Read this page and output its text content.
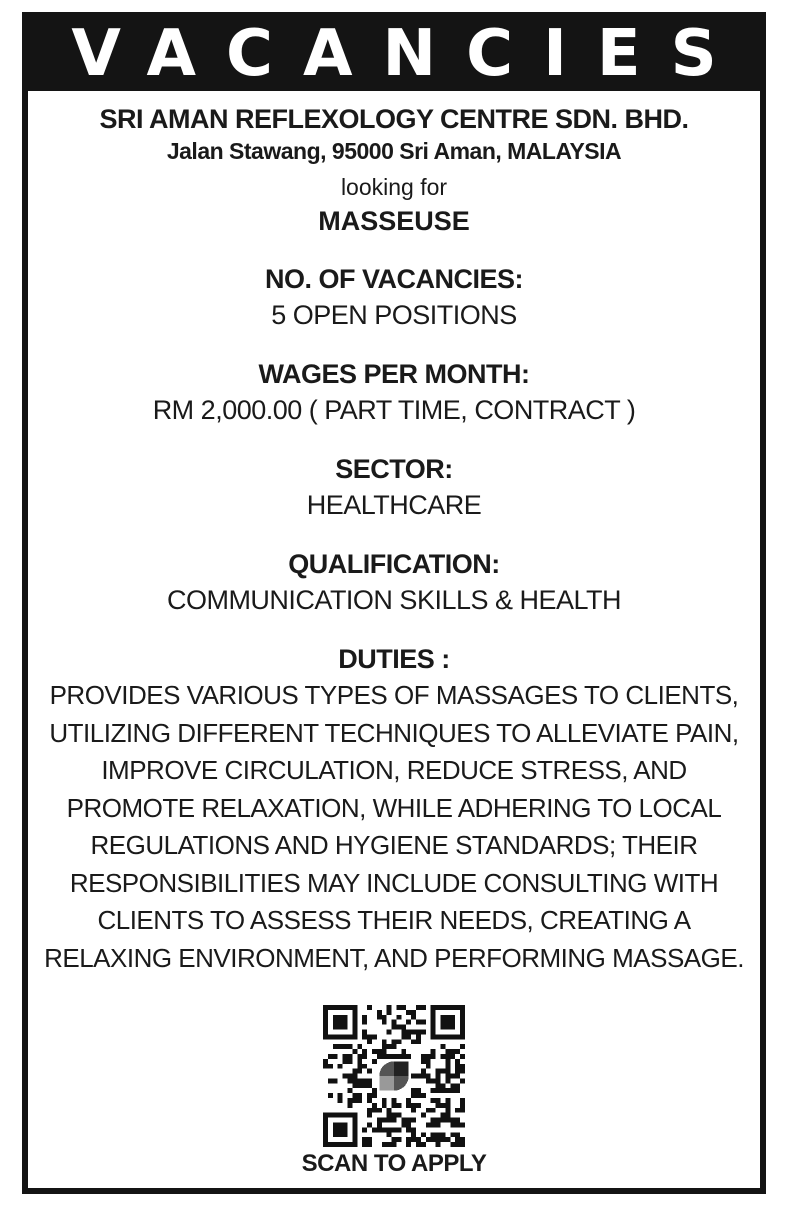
VACANCIES
SRI AMAN REFLEXOLOGY CENTRE SDN. BHD.
Jalan Stawang, 95000 Sri Aman, MALAYSIA
looking for
MASSEUSE
NO. OF VACANCIES:
5 OPEN POSITIONS
WAGES PER MONTH:
RM 2,000.00 ( PART TIME, CONTRACT )
SECTOR:
HEALTHCARE
QUALIFICATION:
COMMUNICATION SKILLS & HEALTH
DUTIES :
PROVIDES VARIOUS TYPES OF MASSAGES TO CLIENTS, UTILIZING DIFFERENT TECHNIQUES TO ALLEVIATE PAIN, IMPROVE CIRCULATION, REDUCE STRESS, AND PROMOTE RELAXATION, WHILE ADHERING TO LOCAL REGULATIONS AND HYGIENE STANDARDS; THEIR RESPONSIBILITIES MAY INCLUDE CONSULTING WITH CLIENTS TO ASSESS THEIR NEEDS, CREATING A RELAXING ENVIRONMENT, AND PERFORMING MASSAGE.
SCAN TO APPLY
